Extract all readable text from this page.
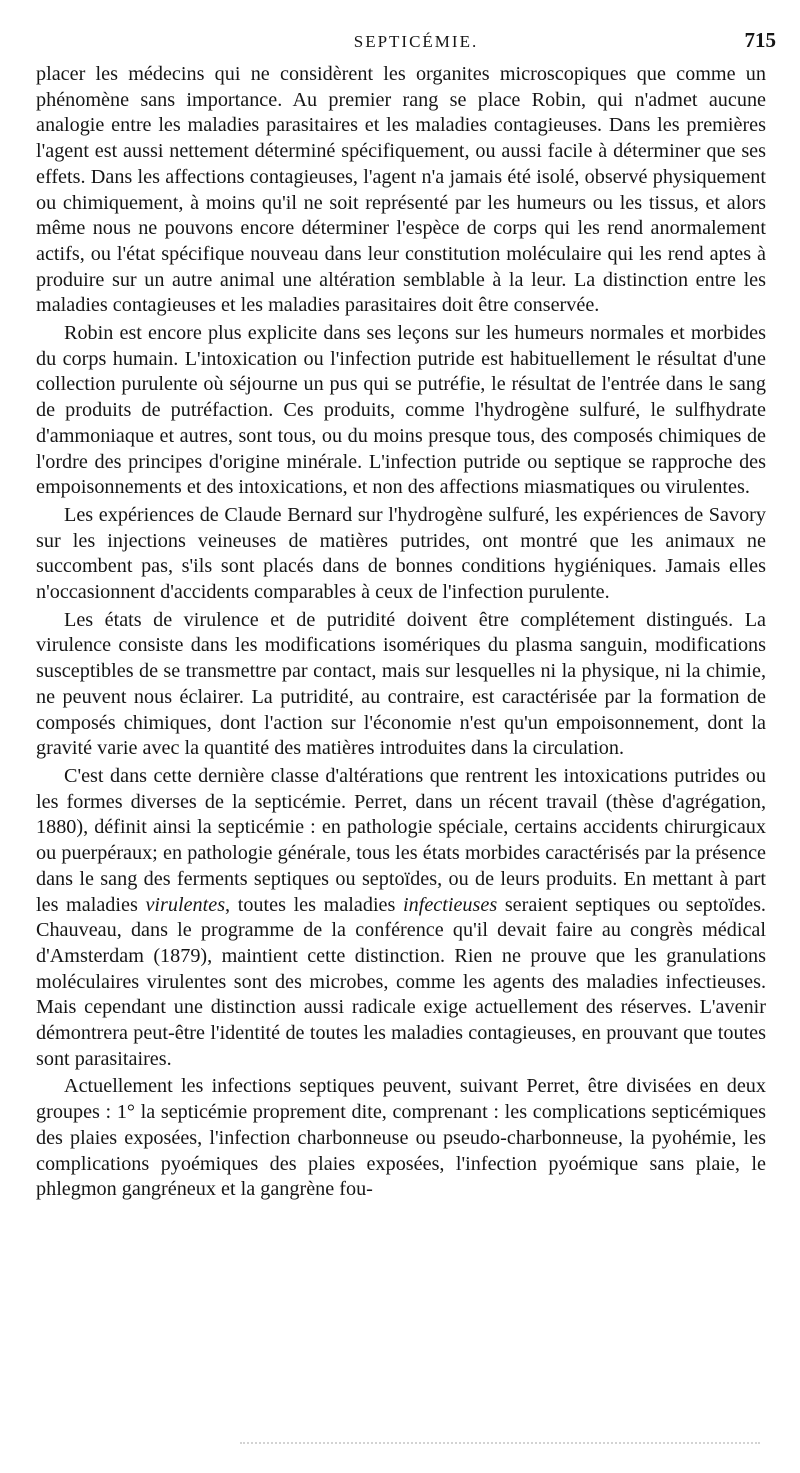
SEPTICÉMIE.	715

placer les médecins qui ne considèrent les organites microscopiques que comme un phénomène sans importance. Au premier rang se place Robin, qui n'admet aucune analogie entre les maladies parasitaires et les maladies contagieuses. Dans les premières l'agent est aussi nettement déterminé spécifiquement, ou aussi facile à déterminer que ses effets. Dans les affections contagieuses, l'agent n'a jamais été isolé, observé physiquement ou chimiquement, à moins qu'il ne soit représenté par les humeurs ou les tissus, et alors même nous ne pouvons encore déterminer l'espèce de corps qui les rend anormalement actifs, ou l'état spécifique nouveau dans leur constitution moléculaire qui les rend aptes à produire sur un autre animal une altération semblable à la leur. La distinction entre les maladies contagieuses et les maladies parasitaires doit être conservée.

Robin est encore plus explicite dans ses leçons sur les humeurs normales et morbides du corps humain. L'intoxication ou l'infection putride est habituellement le résultat d'une collection purulente où séjourne un pus qui se putréfie, le résultat de l'entrée dans le sang de produits de putréfaction. Ces produits, comme l'hydrogène sulfuré, le sulfhydrate d'ammoniaque et autres, sont tous, ou du moins presque tous, des composés chimiques de l'ordre des principes d'origine minérale. L'infection putride ou septique se rapproche des empoisonnements et des intoxications, et non des affections miasmatiques ou virulentes.

Les expériences de Claude Bernard sur l'hydrogène sulfuré, les expériences de Savory sur les injections veineuses de matières putrides, ont montré que les animaux ne succombent pas, s'ils sont placés dans de bonnes conditions hygiéniques. Jamais elles n'occasionnent d'accidents comparables à ceux de l'infection purulente.

Les états de virulence et de putridité doivent être complétement distingués. La virulence consiste dans les modifications isomériques du plasma sanguin, modifications susceptibles de se transmettre par contact, mais sur lesquelles ni la physique, ni la chimie, ne peuvent nous éclairer. La putridité, au contraire, est caractérisée par la formation de composés chimiques, dont l'action sur l'économie n'est qu'un empoisonnement, dont la gravité varie avec la quantité des matières introduites dans la circulation.

C'est dans cette dernière classe d'altérations que rentrent les intoxications putrides ou les formes diverses de la septicémie. Perret, dans un récent travail (thèse d'agrégation, 1880), définit ainsi la septicémie : en pathologie spéciale, certains accidents chirurgicaux ou puerpéraux; en pathologie générale, tous les états morbides caractérisés par la présence dans le sang des ferments septiques ou septoïdes, ou de leurs produits. En mettant à part les maladies virulentes, toutes les maladies infectieuses seraient septiques ou septoïdes. Chauveau, dans le programme de la conférence qu'il devait faire au congrès médical d'Amsterdam (1879), maintient cette distinction. Rien ne prouve que les granulations moléculaires virulentes sont des microbes, comme les agents des maladies infectieuses. Mais cependant une distinction aussi radicale exige actuellement des réserves. L'avenir démontrera peut-être l'identité de toutes les maladies contagieuses, en prouvant que toutes sont parasitaires.

Actuellement les infections septiques peuvent, suivant Perret, être divisées en deux groupes : 1° la septicémie proprement dite, comprenant : les complications septicémiques des plaies exposées, l'infection charbonneuse ou pseudo-charbonneuse, la pyohémie, les complications pyoémiques des plaies exposées, l'infection pyoémique sans plaie, le phlegmon gangréneux et la gangrène fou-
